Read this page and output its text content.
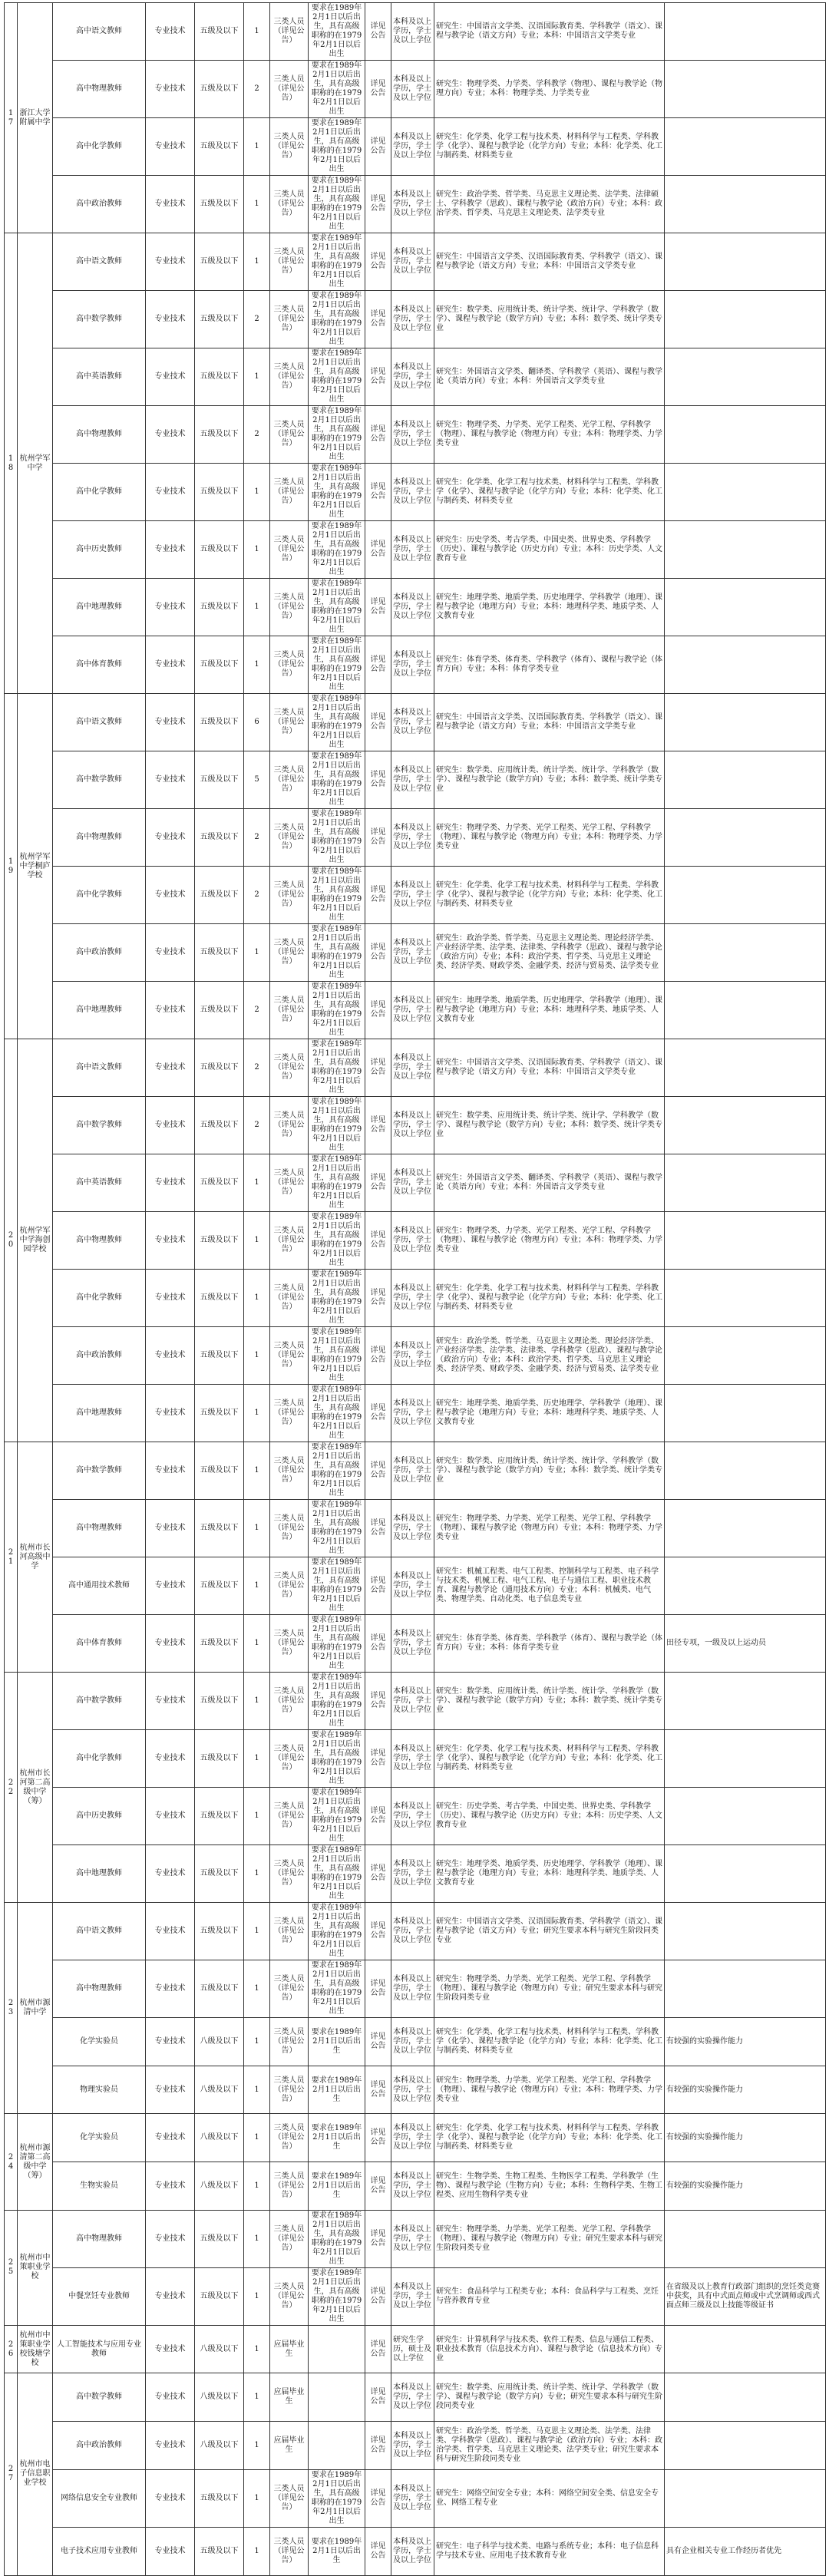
17	浙江大学附属中学	高中语文教师	专业技术	五级及以下	1	三类人员（详见公告）	要求在1989年2月1日以后出生，具有高级职称的在1979年2月1日以后出生	详见公告	本科及以上学历，学士及以上学位	研究生：中国语言文学类、汉语国际教育类、学科教学（语文）、课程与教学论（语文方向）专业；本科：中国语言文学类专业	
		高中物理教师	专业技术	五级及以下	2	三类人员（详见公告）	要求在1989年2月1日以后出生，具有高级职称的在1979年2月1日以后出生	详见公告	本科及以上学历，学士及以上学位	研究生：物理学类、力学类、学科教学（物理）、课程与教学论（物理方向）专业；本科：物理学类、力学类专业	
		高中化学教师	专业技术	五级及以下	1	三类人员（详见公告）	要求在1989年2月1日以后出生，具有高级职称的在1979年2月1日以后出生	详见公告	本科及以上学历，学士及以上学位	研究生：化学类、化学工程与技术类、材料科学与工程类、学科教学（化学）、课程与教学论（化学方向）专业；本科：化学类、化工与制药类、材料类专业	
		高中政治教师	专业技术	五级及以下	1	三类人员（详见公告）	要求在1989年2月1日以后出生，具有高级职称的在1979年2月1日以后出生	详见公告	本科及以上学历，学士及以上学位	研究生：政治学类、哲学类、马克思主义理论类、法学类、法律硕士、学科教学（思政）、课程与教学论（政治方向）专业；本科：政治学类、哲学类、马克思主义理论类、法学类专业	
18	杭州学军中学	高中语文教师	专业技术	五级及以下	1	三类人员（详见公告）	要求在1989年2月1日以后出生，具有高级职称的在1979年2月1日以后出生	详见公告	本科及以上学历，学士及以上学位	研究生：中国语言文学类、汉语国际教育类、学科教学（语文）、课程与教学论（语文方向）专业；本科：中国语言文学类专业	
		高中数学教师	专业技术	五级及以下	2	三类人员（详见公告）	要求在1989年2月1日以后出生，具有高级职称的在1979年2月1日以后出生	详见公告	本科及以上学历，学士及以上学位	研究生：数学类、应用统计类、统计学类、统计学、学科教学（数学）、课程与教学论（数学方向）专业；本科：数学类、统计学类专业	
		高中英语教师	专业技术	五级及以下	1	三类人员（详见公告）	要求在1989年2月1日以后出生，具有高级职称的在1979年2月1日以后出生	详见公告	本科及以上学历，学士及以上学位	研究生：外国语言文学类、翻译类、学科教学（英语）、课程与教学论（英语方向）专业；本科：外国语言文学类专业	
		高中物理教师	专业技术	五级及以下	2	三类人员（详见公告）	要求在1989年2月1日以后出生，具有高级职称的在1979年2月1日以后出生	详见公告	本科及以上学历，学士及以上学位	研究生：物理学类、力学类、光学工程类、光学工程、学科教学（物理）、课程与教学论（物理方向）专业；本科：物理学类、力学类专业	
		高中化学教师	专业技术	五级及以下	1	三类人员（详见公告）	要求在1989年2月1日以后出生，具有高级职称的在1979年2月1日以后出生	详见公告	本科及以上学历，学士及以上学位	研究生：化学类、化学工程与技术类、材料科学与工程类、学科教学（化学）、课程与教学论（化学方向）专业；本科：化学类、化工与制药类、材料类专业	
		高中历史教师	专业技术	五级及以下	1	三类人员（详见公告）	要求在1989年2月1日以后出生，具有高级职称的在1979年2月1日以后出生	详见公告	本科及以上学历，学士及以上学位	研究生：历史学类、考古学类、中国史类、世界史类、学科教学（历史）、课程与教学论（历史方向）专业；本科：历史学类、人文教育专业	
		高中地理教师	专业技术	五级及以下	1	三类人员（详见公告）	要求在1989年2月1日以后出生，具有高级职称的在1979年2月1日以后出生	详见公告	本科及以上学历，学士及以上学位	研究生：地理学类、地质学类、历史地理学、学科教学（地理）、课程与教学论（地理方向）专业；本科：地理科学类、地质学类、人文教育专业	
		高中体育教师	专业技术	五级及以下	1	三类人员（详见公告）	要求在1989年2月1日以后出生，具有高级职称的在1979年2月1日以后出生	详见公告	本科及以上学历，学士及以上学位	研究生：体育学类、体育类、学科教学（体育）、课程与教学论（体育方向）专业；本科：体育学类专业	
19	杭州学军中学桐庐学校	高中语文教师	专业技术	五级及以下	6	三类人员（详见公告）	要求在1989年2月1日以后出生，具有高级职称的在1979年2月1日以后出生	详见公告	本科及以上学历，学士及以上学位	研究生：中国语言文学类、汉语国际教育类、学科教学（语文）、课程与教学论（语文方向）专业；本科：中国语言文学类专业	
		高中数学教师	专业技术	五级及以下	5	三类人员（详见公告）	要求在1989年2月1日以后出生，具有高级职称的在1979年2月1日以后出生	详见公告	本科及以上学历，学士及以上学位	研究生：数学类、应用统计类、统计学类、统计学、学科教学（数学）、课程与教学论（数学方向）专业；本科：数学类、统计学类专业	
		高中物理教师	专业技术	五级及以下	2	三类人员（详见公告）	要求在1989年2月1日以后出生，具有高级职称的在1979年2月1日以后出生	详见公告	本科及以上学历，学士及以上学位	研究生：物理学类、力学类、光学工程类、光学工程、学科教学（物理）、课程与教学论（物理方向）专业；本科：物理学类、力学类专业	
		高中化学教师	专业技术	五级及以下	2	三类人员（详见公告）	要求在1989年2月1日以后出生，具有高级职称的在1979年2月1日以后出生	详见公告	本科及以上学历，学士及以上学位	研究生：化学类、化学工程与技术类、材料科学与工程类、学科教学（化学）、课程与教学论（化学方向）专业；本科：化学类、化工与制药类、材料类专业	
		高中政治教师	专业技术	五级及以下	1	三类人员（详见公告）	要求在1989年2月1日以后出生，具有高级职称的在1979年2月1日以后出生	详见公告	本科及以上学历，学士及以上学位	研究生：政治学类、哲学类、马克思主义理论类、理论经济学类、产业经济学类、法学类、法律类、学科教学（思政）、课程与教学论（政治方向）专业；本科：政治学类、哲学类、马克思主义理论类、经济学类、财政学类、金融学类、经济与贸易类、法学类专业	
		高中地理教师	专业技术	五级及以下	2	三类人员（详见公告）	要求在1989年2月1日以后出生，具有高级职称的在1979年2月1日以后出生	详见公告	本科及以上学历，学士及以上学位	研究生：地理学类、地质学类、历史地理学、学科教学（地理）、课程与教学论（地理方向）专业；本科：地理科学类、地质学类、人文教育专业	
20	杭州学军中学海创园学校	高中语文教师	专业技术	五级及以下	2	三类人员（详见公告）	要求在1989年2月1日以后出生，具有高级职称的在1979年2月1日以后出生	详见公告	本科及以上学历，学士及以上学位	研究生：中国语言文学类、汉语国际教育类、学科教学（语文）、课程与教学论（语文方向）专业；本科：中国语言文学类专业	
		高中数学教师	专业技术	五级及以下	2	三类人员（详见公告）	要求在1989年2月1日以后出生，具有高级职称的在1979年2月1日以后出生	详见公告	本科及以上学历，学士及以上学位	研究生：数学类、应用统计类、统计学类、统计学、学科教学（数学）、课程与教学论（数学方向）专业；本科：数学类、统计学类专业	
		高中英语教师	专业技术	五级及以下	1	三类人员（详见公告）	要求在1989年2月1日以后出生，具有高级职称的在1979年2月1日以后出生	详见公告	本科及以上学历，学士及以上学位	研究生：外国语言文学类、翻译类、学科教学（英语）、课程与教学论（英语方向）专业；本科：外国语言文学类专业	
		高中物理教师	专业技术	五级及以下	1	三类人员（详见公告）	要求在1989年2月1日以后出生，具有高级职称的在1979年2月1日以后出生	详见公告	本科及以上学历，学士及以上学位	研究生：物理学类、力学类、光学工程类、光学工程、学科教学（物理）、课程与教学论（物理方向）专业；本科：物理学类、力学类专业	
		高中化学教师	专业技术	五级及以下	1	三类人员（详见公告）	要求在1989年2月1日以后出生，具有高级职称的在1979年2月1日以后出生	详见公告	本科及以上学历，学士及以上学位	研究生：化学类、化学工程与技术类、材料科学与工程类、学科教学（化学）、课程与教学论（化学方向）专业；本科：化学类、化工与制药类、材料类专业	
		高中政治教师	专业技术	五级及以下	1	三类人员（详见公告）	要求在1989年2月1日以后出生，具有高级职称的在1979年2月1日以后出生	详见公告	本科及以上学历，学士及以上学位	研究生：政治学类、哲学类、马克思主义理论类、理论经济学类、产业经济学类、法学类、法律类、学科教学（思政）、课程与教学论（政治方向）专业；本科：政治学类、哲学类、马克思主义理论类、经济学类、财政学类、金融学类、经济与贸易类、法学类专业	
		高中地理教师	专业技术	五级及以下	1	三类人员（详见公告）	要求在1989年2月1日以后出生，具有高级职称的在1979年2月1日以后出生	详见公告	本科及以上学历，学士及以上学位	研究生：地理学类、地质学类、历史地理学、学科教学（地理）、课程与教学论（地理方向）专业；本科：地理科学类、地质学类、人文教育专业	
21	杭州市长河高级中学	高中数学教师	专业技术	五级及以下	1	三类人员（详见公告）	要求在1989年2月1日以后出生，具有高级职称的在1979年2月1日以后出生	详见公告	本科及以上学历，学士及以上学位	研究生：数学类、应用统计类、统计学类、统计学、学科教学（数学）、课程与教学论（数学方向）专业；本科：数学类、统计学类专业	
		高中物理教师	专业技术	五级及以下	1	三类人员（详见公告）	要求在1989年2月1日以后出生，具有高级职称的在1979年2月1日以后出生	详见公告	本科及以上学历，学士及以上学位	研究生：物理学类、力学类、光学工程类、光学工程、学科教学（物理）、课程与教学论（物理方向）专业；本科：物理学类、力学类专业	
		高中通用技术教师	专业技术	五级及以下	1	三类人员（详见公告）	要求在1989年2月1日以后出生，具有高级职称的在1979年2月1日以后出生	详见公告	本科及以上学历，学士及以上学位	研究生：机械工程类、电气工程类、控制科学与工程类、电子科学与技术类、机械工程、电气工程、电子与通信工程、职业技术教育、课程与教学论（通用技术方向）专业；本科：机械类、电气类、物理学类、自动化类、电子信息类专业	
		高中体育教师	专业技术	五级及以下	1	三类人员（详见公告）	要求在1989年2月1日以后出生，具有高级职称的在1979年2月1日以后出生	详见公告	本科及以上学历，学士及以上学位	研究生：体育学类、体育类、学科教学（体育）、课程与教学论（体育方向）专业；本科：体育学类专业	田径专项，一级及以上运动员
22	杭州市长河第二高级中学（筹）	高中数学教师	专业技术	五级及以下	1	三类人员（详见公告）	要求在1989年2月1日以后出生，具有高级职称的在1979年2月1日以后出生	详见公告	本科及以上学历，学士及以上学位	研究生：数学类、应用统计类、统计学类、统计学、学科教学（数学）、课程与教学论（数学方向）专业；本科：数学类、统计学类专业	
		高中化学教师	专业技术	五级及以下	1	三类人员（详见公告）	要求在1989年2月1日以后出生，具有高级职称的在1979年2月1日以后出生	详见公告	本科及以上学历，学士及以上学位	研究生：化学类、化学工程与技术类、材料科学与工程类、学科教学（化学）、课程与教学论（化学方向）专业；本科：化学类、化工与制药类、材料类专业	
		高中历史教师	专业技术	五级及以下	1	三类人员（详见公告）	要求在1989年2月1日以后出生，具有高级职称的在1979年2月1日以后出生	详见公告	本科及以上学历，学士及以上学位	研究生：历史学类、考古学类、中国史类、世界史类、学科教学（历史）、课程与教学论（历史方向）专业；本科：历史学类、人文教育专业	
		高中地理教师	专业技术	五级及以下	1	三类人员（详见公告）	要求在1989年2月1日以后出生，具有高级职称的在1979年2月1日以后出生	详见公告	本科及以上学历，学士及以上学位	研究生：地理学类、地质学类、历史地理学、学科教学（地理）、课程与教学论（地理方向）专业；本科：地理科学类、地质学类、人文教育专业	
23	杭州市源清中学	高中语文教师	专业技术	五级及以下	1	三类人员（详见公告）	要求在1989年2月1日以后出生，具有高级职称的在1979年2月1日以后出生	详见公告	本科及以上学历，学士及以上学位	研究生：中国语言文学类、汉语国际教育类、学科教学（语文）、课程与教学论（语文方向）专业；研究生要求本科与研究生阶段同类专业	
		高中物理教师	专业技术	五级及以下	1	三类人员（详见公告）	要求在1989年2月1日以后出生，具有高级职称的在1979年2月1日以后出生	详见公告	本科及以上学历，学士及以上学位	研究生：物理学类、力学类、光学工程类、光学工程、学科教学（物理）、课程与教学论（物理方向）专业；研究生要求本科与研究生阶段同类专业	
		化学实验员	专业技术	八级及以下	1	三类人员（详见公告）	要求在1989年2月1日以后出生	详见公告	本科及以上学历，学士及以上学位	研究生：化学类、化学工程与技术类、材料科学与工程类、学科教学（化学）、课程与教学论（化学方向）专业；本科：化学类、化工与制药类、材料类专业	有较强的实验操作能力
		物理实验员	专业技术	八级及以下	1	三类人员（详见公告）	要求在1989年2月1日以后出生	详见公告	本科及以上学历，学士及以上学位	研究生：物理学类、力学类、光学工程类、光学工程、学科教学（物理）、课程与教学论（物理方向）专业；本科：物理学类、力学类专业	有较强的实验操作能力
24	杭州市源清第二高级中学（筹）	化学实验员	专业技术	八级及以下	1	三类人员（详见公告）	要求在1989年2月1日以后出生	详见公告	本科及以上学历，学士及以上学位	研究生：化学类、化学工程与技术类、材料科学与工程类、学科教学（化学）、课程与教学论（化学方向）专业；本科：化学类、化工与制药类、材料类专业	有较强的实验操作能力
		生物实验员	专业技术	八级及以下	1	三类人员（详见公告）	要求在1989年2月1日以后出生	详见公告	本科及以上学历，学士及以上学位	研究生：生物学类、生物工程类、生物医学工程类、学科教学（生物）、课程与教学论（生物方向）专业；本科：生物科学类、生物工程类、应用生物科学类专业	有较强的实验操作能力
25	杭州市中策职业学校	高中物理教师	专业技术	五级及以下	1	三类人员（详见公告）	要求在1989年2月1日以后出生，具有高级职称的在1979年2月1日以后出生	详见公告	本科及以上学历，学士及以上学位	研究生：物理学类、力学类、光学工程类、光学工程、学科教学（物理）、课程与教学论（物理方向）专业；研究生要求本科与研究生阶段同类专业	
		中餐烹饪专业教师	专业技术	五级及以下	1	三类人员（详见公告）	要求在1989年2月1日以后出生，具有高级职称的在1979年2月1日以后出生	详见公告	本科及以上学历，学士及以上学位	研究生：食品科学与工程类专业；本科：食品科学与工程类、烹饪与营养教育专业	在省级及以上教育行政部门组织的烹饪类竞赛中获奖，具有中式面点师或中式烹调师或西式面点师三级及以上技能等级证书
26	杭州市中策职业学校钱塘学校	人工智能技术与应用专业教师	专业技术	八级及以下	1	应届毕业生		详见公告	研究生学历，硕士及以上学位	研究生：计算机科学与技术类、软件工程类、信息与通信工程类、职业技术教育（信息技术方向）、课程与教学论（信息技术方向）专业	
27	杭州市电子信息职业学校	高中数学教师	专业技术	八级及以下	1	应届毕业生		详见公告	本科及以上学历，学士及以上学位	研究生：数学类、应用统计类、统计学类、统计学、学科教学（数学）、课程与教学论（数学方向）专业；研究生要求本科与研究生阶段同类专业	
		高中政治教师	专业技术	八级及以下	1	应届毕业生		详见公告	本科及以上学历，学士及以上学位	研究生：政治学类、哲学类、马克思主义理论类、法学类、法律类、学科教学（思政）、课程与教学论（政治方向）专业；本科：政治学类、哲学类、马克思主义理论类、法学类专业；研究生要求本科与研究生阶段同类专业	
		网络信息安全专业教师	专业技术	五级及以下	1	三类人员（详见公告）	要求在1989年2月1日以后出生，具有高级职称的在1979年2月1日以后出生	详见公告	本科及以上学历，学士及以上学位	研究生：网络空间安全专业；本科：网络空间安全类、信息安全专业、网络工程专业	
		电子技术应用专业教师	专业技术	五级及以下	1	三类人员（详见公告）	要求在1989年2月1日以后出生	详见公告	本科及以上学历，学士及以上学位	研究生：电子科学与技术类、电路与系统专业；本科：电子信息科学与技术专业、应用电子技术教育专业	具有企业相关专业工作经历者优先
